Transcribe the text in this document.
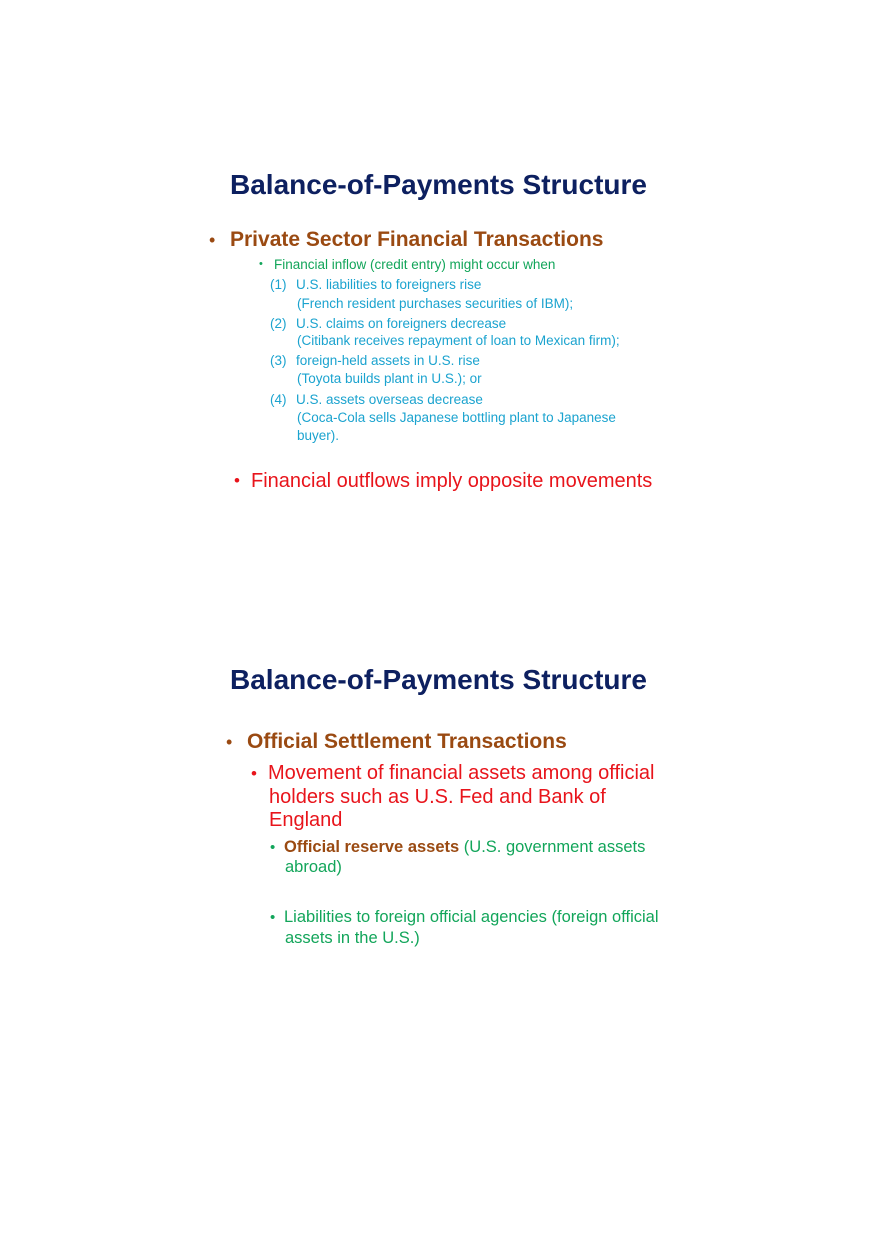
Balance-of-Payments Structure
• Private Sector Financial Transactions
• Financial inflow (credit entry) might occur when
(1) U.S. liabilities to foreigners rise
(French resident purchases securities of IBM);
(2) U.S. claims on foreigners decrease
(Citibank receives repayment of loan to Mexican firm);
(3) foreign-held assets in U.S. rise
(Toyota builds plant in U.S.); or
(4) U.S. assets overseas decrease
(Coca-Cola sells Japanese bottling plant to Japanese
buyer).
• Financial outflows imply opposite movements
Balance-of-Payments Structure
• Official Settlement Transactions
• Movement of financial assets among official
holders such as U.S. Fed and Bank of
England
• Official reserve assets (U.S. government assets
abroad)
• Liabilities to foreign official agencies (foreign official
assets in the U.S.)
